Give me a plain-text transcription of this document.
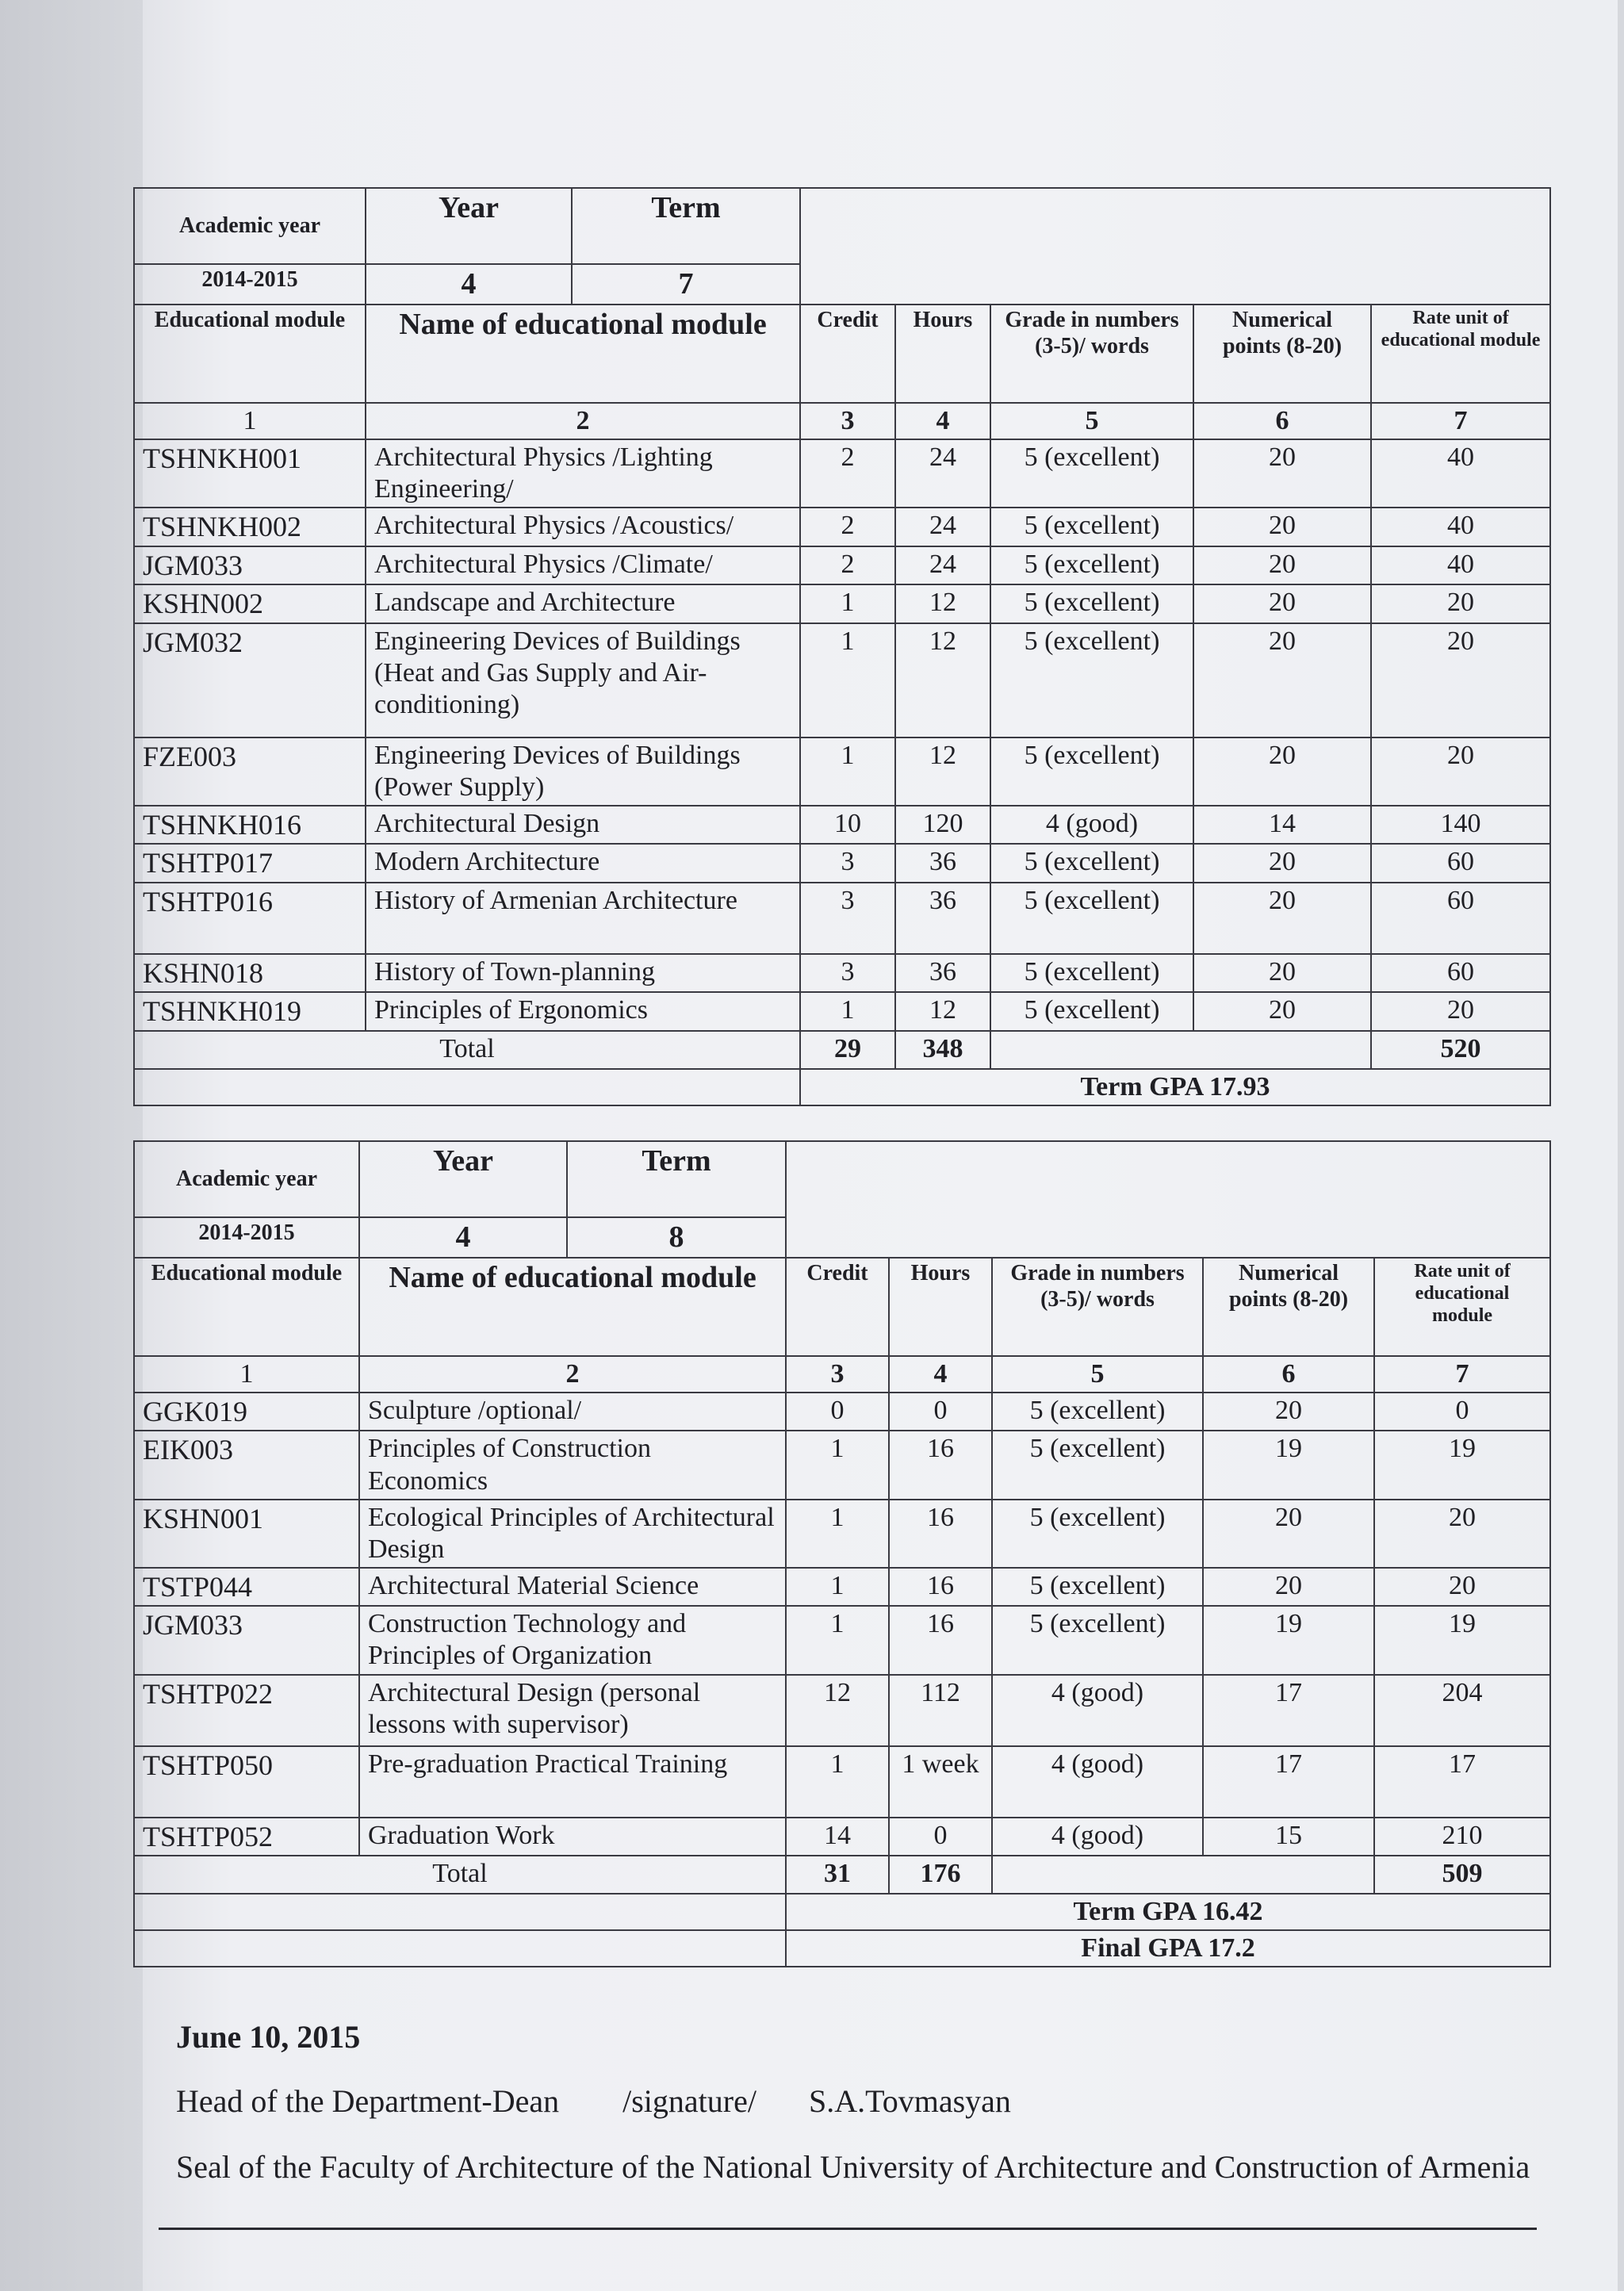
Academic year	Year	Term					
2014-2015	4	7					
Educational module	Name of educational module		Credit	Hours	Grade in numbers (3-5)/ words	Numerical points (8-20)	Rate unit of educational module
1	2		3	4	5	6	7
TSHNKH001	Architectural Physics /Lighting Engineering/		2	24	5 (excellent)	20	40
TSHNKH002	Architectural Physics /Acoustics/		2	24	5 (excellent)	20	40
JGM033	Architectural Physics /Climate/		2	24	5 (excellent)	20	40
KSHN002	Landscape and Architecture		1	12	5 (excellent)	20	20
JGM032	Engineering Devices of Buildings (Heat and Gas Supply and Air-conditioning)		1	12	5 (excellent)	20	20
FZE003	Engineering Devices of Buildings (Power Supply)		1	12	5 (excellent)	20	20
TSHNKH016	Architectural Design		10	120	4 (good)	14	140
TSHTP017	Modern Architecture		3	36	5 (excellent)	20	60
TSHTP016	History of Armenian Architecture		3	36	5 (excellent)	20	60
KSHN018	History of Town-planning		3	36	5 (excellent)	20	60
TSHNKH019	Principles of Ergonomics		1	12	5 (excellent)	20	20
Total			29	348			520
			Term GPA 17.93				
Academic year	Year	Term					
2014-2015	4	8					
Educational module	Name of educational module		Credit	Hours	Grade in numbers (3-5)/ words	Numerical points (8-20)	Rate unit of educational module
1	2		3	4	5	6	7
GGK019	Sculpture /optional/		0	0	5 (excellent)	20	0
EIK003	Principles of Construction Economics		1	16	5 (excellent)	19	19
KSHN001	Ecological Principles of Architectural Design		1	16	5 (excellent)	20	20
TSTP044	Architectural Material Science		1	16	5 (excellent)	20	20
JGM033	Construction Technology and Principles of Organization		1	16	5 (excellent)	19	19
TSHTP022	Architectural Design (personal lessons with supervisor)		12	112	4 (good)	17	204
TSHTP050	Pre-graduation Practical Training		1	1 week	4 (good)	17	17
TSHTP052	Graduation Work		14	0	4 (good)	15	210
Total			31	176			509
			Term GPA 16.42				
			Final GPA 17.2				
June 10, 2015
Head of the Department-Dean /signature/ S.A.Tovmasyan
Seal of the Faculty of Architecture of the National University of Architecture and Construction of Armenia
